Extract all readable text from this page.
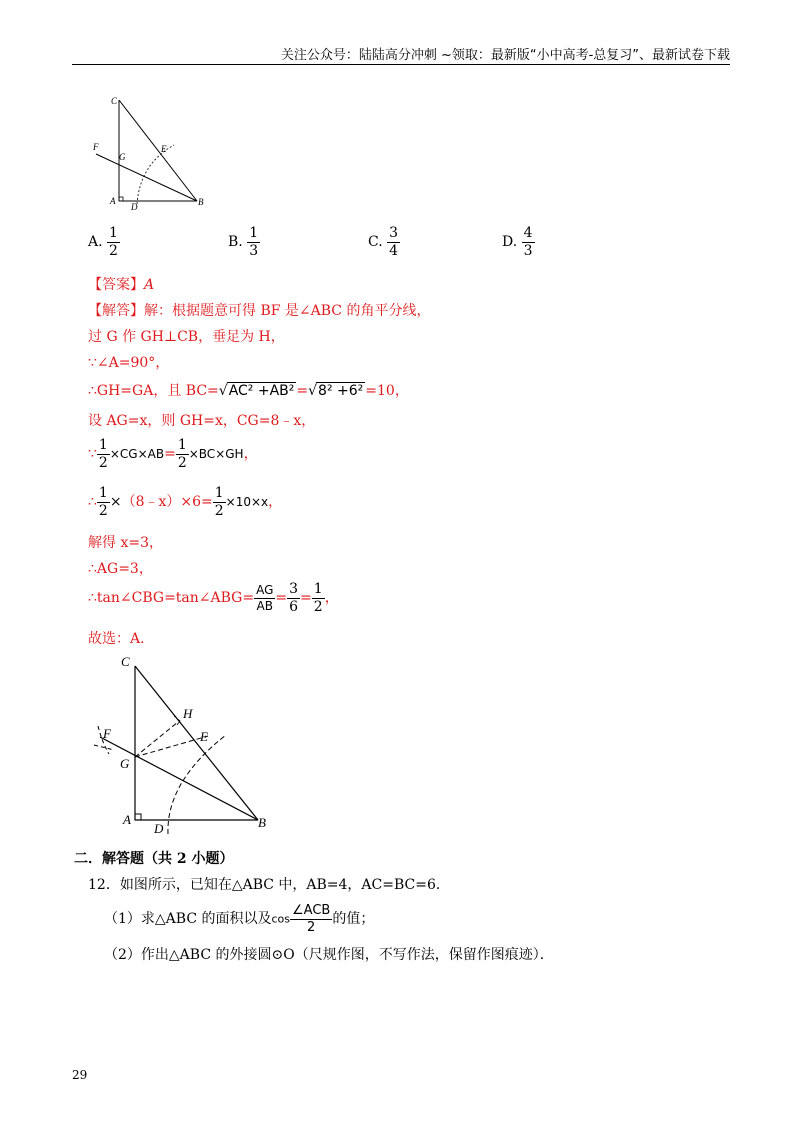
关注公众号：陆陆高分冲刺 ~领取：最新版“小中高考-总复习”、最新试卷下载
C
F
G
E
A
D	B
A. $\frac{1}{2}$	B. $\frac{1}{3}$	C. $\frac{3}{4}$	D. $\frac{4}{3}$
【答案】A
【解答】解：根据题意可得 BF 是∠ABC 的角平分线，
过 G 作 GH⊥CB，垂足为 H，
∵∠A=90°，
∴GH=GA，且 BC=√AC² +AB² =√8² +6² =10，
设 AG=x，则 GH=x，CG=8﹣x，
∵ $\frac{1}{2} \times CG\times AB= \frac{1}{2} \times BC\times GH$，
∴ $\frac{1}{2}$ ×（8﹣x）×6= $\frac{1}{2} \times 10\times x$，
解得 x=3，
∴AG=3，
∴tan∠CBG=tan∠ABG= $\frac{AG}{AB} = \frac{3}{6} = \frac{1}{2}$ ，
故选：A．
C
H
F	E
G
A
D	B
二．解答题（共 2 小题）
12．如图所示，已知在△ABC 中，AB=4，AC=BC=6．
（1）求△ABC 的面积以及$\cos \frac{\text{∠ACB}}{2}$ 的值；
（2）作出△ABC 的外接圆⊙O（尺规作图，不写作法，保留作图痕迹）．
29
